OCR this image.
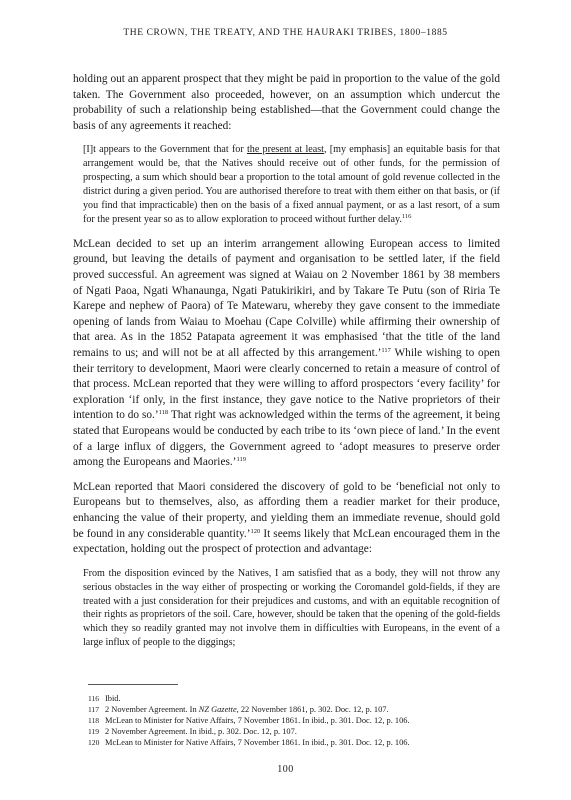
THE CROWN, THE TREATY, AND THE HAURAKI TRIBES, 1800–1885

holding out an apparent prospect that they might be paid in proportion to the value of the gold taken. The Government also proceeded, however, on an assumption which undercut the probability of such a relationship being established—that the Government could change the basis of any agreements it reached:

[I]t appears to the Government that for the present at least, [my emphasis] an equitable basis for that arrangement would be, that the Natives should receive out of other funds, for the permission of prospecting, a sum which should bear a proportion to the total amount of gold revenue collected in the district during a given period. You are authorised therefore to treat with them either on that basis, or (if you find that impracticable) then on the basis of a fixed annual payment, or as a last resort, of a sum for the present year so as to allow exploration to proceed without further delay.$^{116}$

McLean decided to set up an interim arrangement allowing European access to limited ground, but leaving the details of payment and organisation to be settled later, if the field proved successful. An agreement was signed at Waiau on 2 November 1861 by 38 members of Ngati Paoa, Ngati Whanaunga, Ngati Patukirikiri, and by Takare Te Putu (son of Riria Te Karepe and nephew of Paora) of Te Matewaru, whereby they gave consent to the immediate opening of lands from Waiau to Moehau (Cape Colville) while affirming their ownership of that area. As in the 1852 Patapata agreement it was emphasised ‘that the title of the land remains to us; and will not be at all affected by this arrangement.’$^{117}$ While wishing to open their territory to development, Maori were clearly concerned to retain a measure of control of that process. McLean reported that they were willing to afford prospectors ‘every facility’ for exploration ‘if only, in the first instance, they gave notice to the Native proprietors of their intention to do so.’$^{118}$ That right was acknowledged within the terms of the agreement, it being stated that Europeans would be conducted by each tribe to its ‘own piece of land.’ In the event of a large influx of diggers, the Government agreed to ‘adopt measures to preserve order among the Europeans and Maories.’$^{119}$

McLean reported that Maori considered the discovery of gold to be ‘beneficial not only to Europeans but to themselves, also, as affording them a readier market for their produce, enhancing the value of their property, and yielding them an immediate revenue, should gold be found in any considerable quantity.’$^{120}$ It seems likely that McLean encouraged them in the expectation, holding out the prospect of protection and advantage:

From the disposition evinced by the Natives, I am satisfied that as a body, they will not throw any serious obstacles in the way either of prospecting or working the Coromandel gold-fields, if they are treated with a just consideration for their prejudices and customs, and with an equitable recognition of their rights as proprietors of the soil. Care, however, should be taken that the opening of the gold-fields which they so readily granted may not involve them in difficulties with Europeans, in the event of a large influx of people to the diggings;
116 Ibid.
117 2 November Agreement. In NZ Gazette, 22 November 1861, p. 302. Doc. 12, p. 107.
118 McLean to Minister for Native Affairs, 7 November 1861. In ibid., p. 301. Doc. 12, p. 106.
119 2 November Agreement. In ibid., p. 302. Doc. 12, p. 107.
120 McLean to Minister for Native Affairs, 7 November 1861. In ibid., p. 301. Doc. 12, p. 106.
100
